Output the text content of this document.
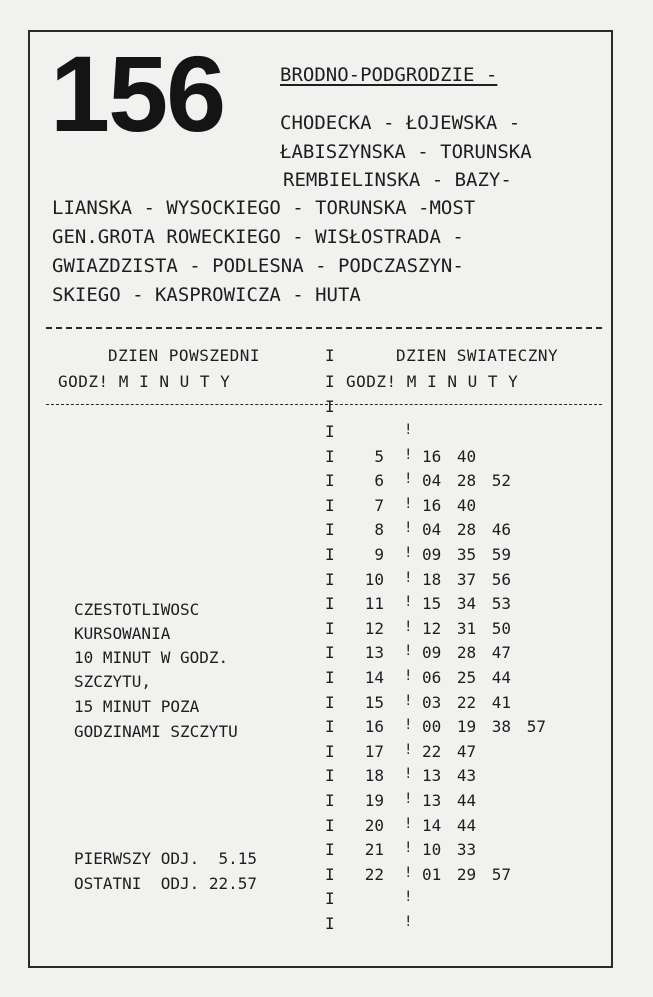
156	BRODNO-PODGRODZIE -
CHODECKA - ŁOJEWSKA -
ŁABISZYNSKA - TORUNSKA
REMBIELINSKA - BAZY-
LIANSKA - WYSOCKIEGO - TORUNSKA -MOST
GEN.GROTA ROWECKIEGO - WISŁOSTRADA -
GWIAZDZISTA - PODLESNA - PODCZASZYN-
SKIEGO - KASPROWICZA - HUTA
DZIEN POWSZEDNI	I	DZIEN SWIATECZNY
GODZ! M I N U T Y	I GODZ! M I N U T Y
I
I	!
I	5 ! 16 40
I	6 ! 04 28 52
I	7 ! 16 40
I	8 ! 04 28 46
I	9 ! 09 35 59
I 10 ! 18 37 56
I 11 ! 15 34 53
I 12 ! 12 31 50
I 13 ! 09 28 47
I 14 ! 06 25 44
I 15 ! 03 22 41
I 16 ! 00 19 38 57
I 17 ! 22 47
I 18 ! 13 43
I 19 ! 13 44
I 20 ! 14 44
I 21 ! 10 33
I 22 ! 01 29 57
I	!
I	!
CZESTOTLIWOSC
KURSOWANIA
10 MINUT W GODZ.
SZCZYTU,
15 MINUT POZA
GODZINAMI SZCZYTU
PIERWSZY ODJ.  5.15
OSTATNI  ODJ. 22.57
